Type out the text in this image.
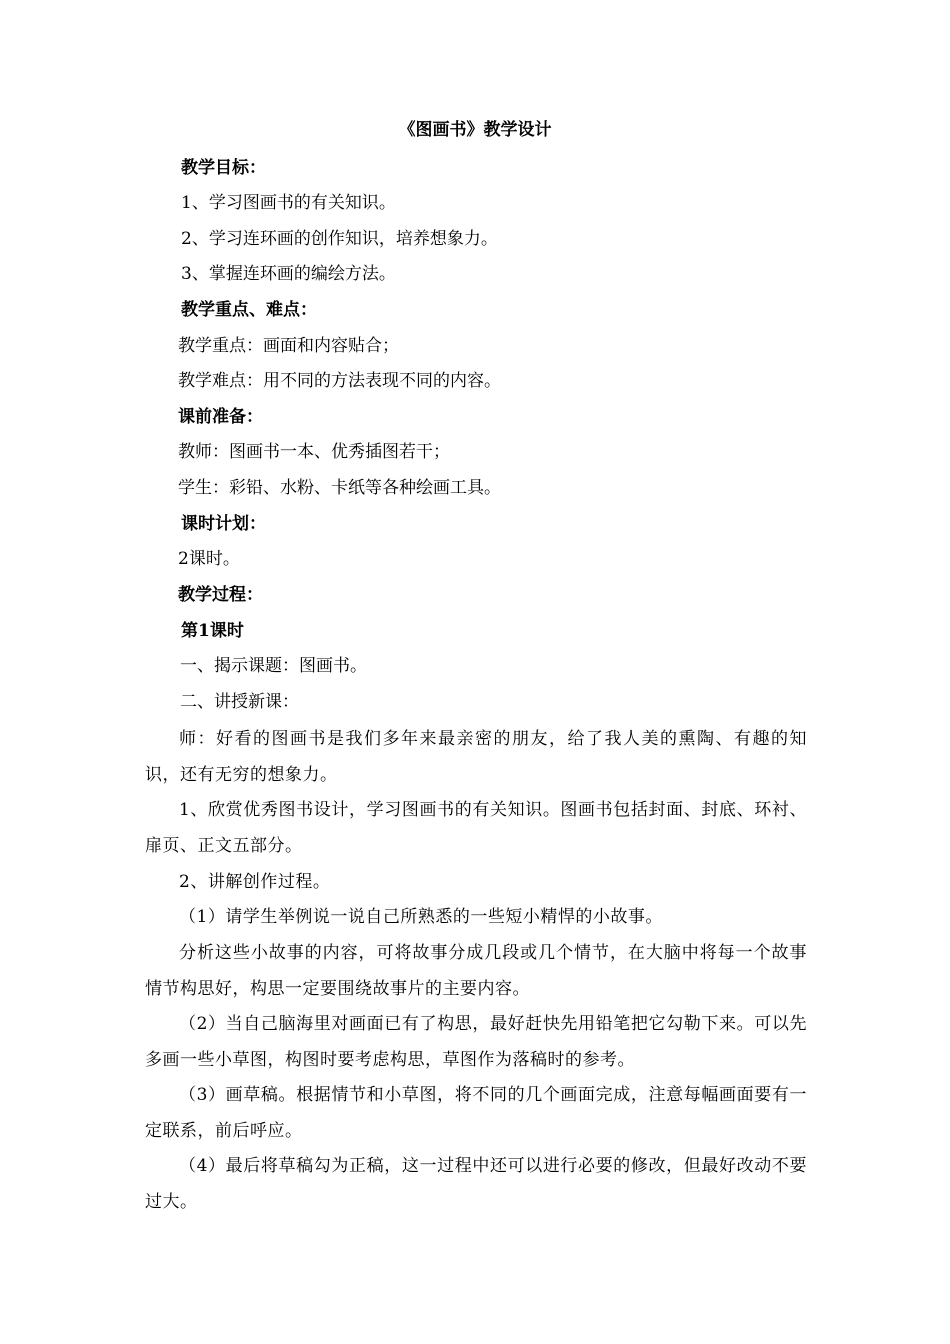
《图画书》教学设计
教学目标：
1、学习图画书的有关知识。
2、学习连环画的创作知识，培养想象力。
3、掌握连环画的编绘方法。
教学重点、难点：
教学重点：画面和内容贴合；
教学难点：用不同的方法表现不同的内容。
课前准备：
教师：图画书一本、优秀插图若干；
学生：彩铅、水粉、卡纸等各种绘画工具。
课时计划：
2课时。
教学过程：
第1课时
一、揭示课题：图画书。
二、讲授新课：
师：好看的图画书是我们多年来最亲密的朋友，给了我人美的熏陶、有趣的知识，还有无穷的想象力。
1、欣赏优秀图书设计，学习图画书的有关知识。图画书包括封面、封底、环衬、扉页、正文五部分。
2、讲解创作过程。
（1）请学生举例说一说自己所熟悉的一些短小精悍的小故事。
分析这些小故事的内容，可将故事分成几段或几个情节，在大脑中将每一个故事情节构思好，构思一定要围绕故事片的主要内容。
（2）当自己脑海里对画面已有了构思，最好赶快先用铅笔把它勾勒下来。可以先多画一些小草图，构图时要考虑构思，草图作为落稿时的参考。
（3）画草稿。根据情节和小草图，将不同的几个画面完成，注意每幅画面要有一定联系，前后呼应。
（4）最后将草稿勾为正稿，这一过程中还可以进行必要的修改，但最好改动不要过大。
